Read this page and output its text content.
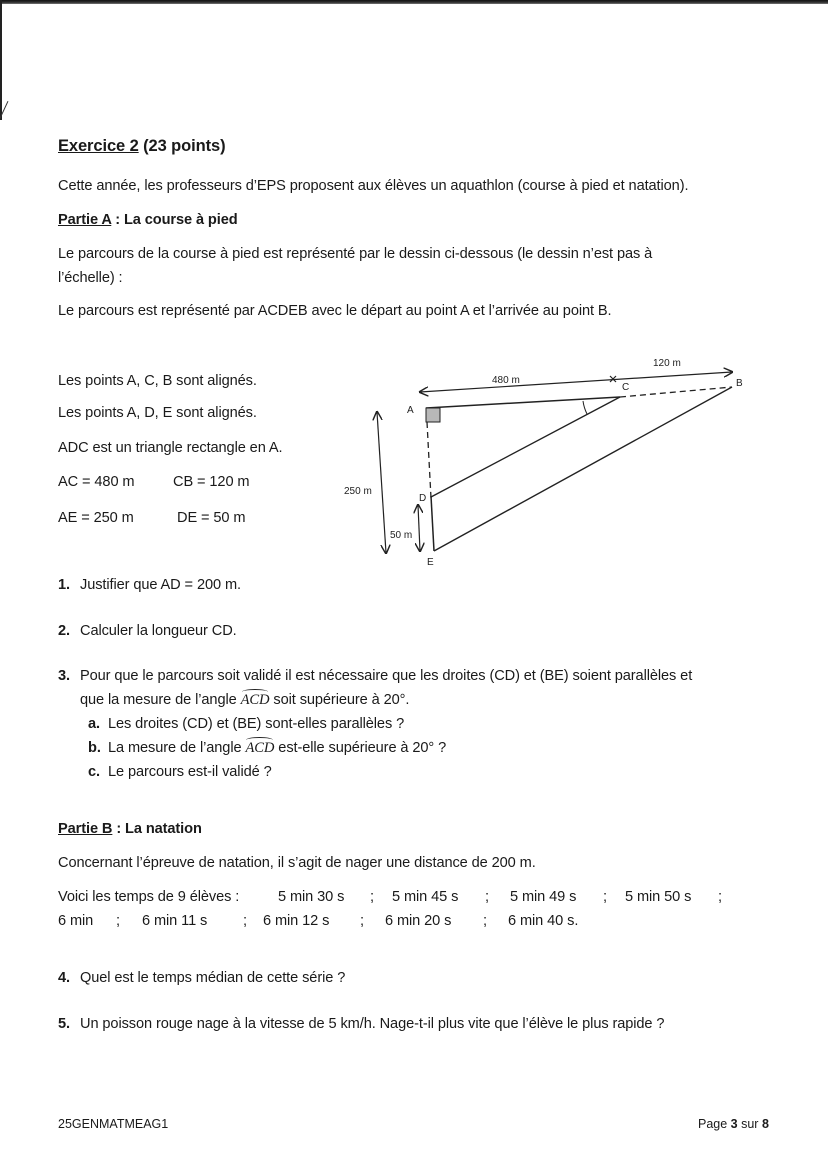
Exercice 2 (23 points)
Cette année, les professeurs d’EPS proposent aux élèves un aquathlon (course à pied et natation).
Partie A : La course à pied
Le parcours de la course à pied est représenté par le dessin ci-dessous (le dessin n’est pas à
l’échelle) :
Le parcours est représenté par ACDEB avec le départ au point A et l’arrivée au point B.
Les points A, C, B sont alignés.
Les points A, D, E sont alignés.
ADC est un triangle rectangle en A.
AC = 480 m	CB = 120 m
AE = 250 m	DE = 50 m
480 m
120 m
250 m
50 m
A
B
C
D
E
1. Justifier que AD = 200 m.
2. Calculer la longueur CD.
3. Pour que le parcours soit validé il est nécessaire que les droites (CD) et (BE) soient parallèles et
que la mesure de l’angle ACD soit supérieure à 20°.
a. Les droites (CD) et (BE) sont-elles parallèles ?
b. La mesure de l’angle ACD est-elle supérieure à 20° ?
c. Le parcours est-il validé ?
Partie B : La natation
Concernant l’épreuve de natation, il s’agit de nager une distance de 200 m.
Voici les temps de 9 élèves :	5 min 30 s ; 5 min 45 s ; 5 min 49 s ; 5 min 50 s ;
6 min ; 6 min 11 s ; 6 min 12 s ; 6 min 20 s ; 6 min 40 s.
4. Quel est le temps médian de cette série ?
5. Un poisson rouge nage à la vitesse de 5 km/h. Nage-t-il plus vite que l’élève le plus rapide ?
25GENMATMEAG1	Page 3 sur 8
